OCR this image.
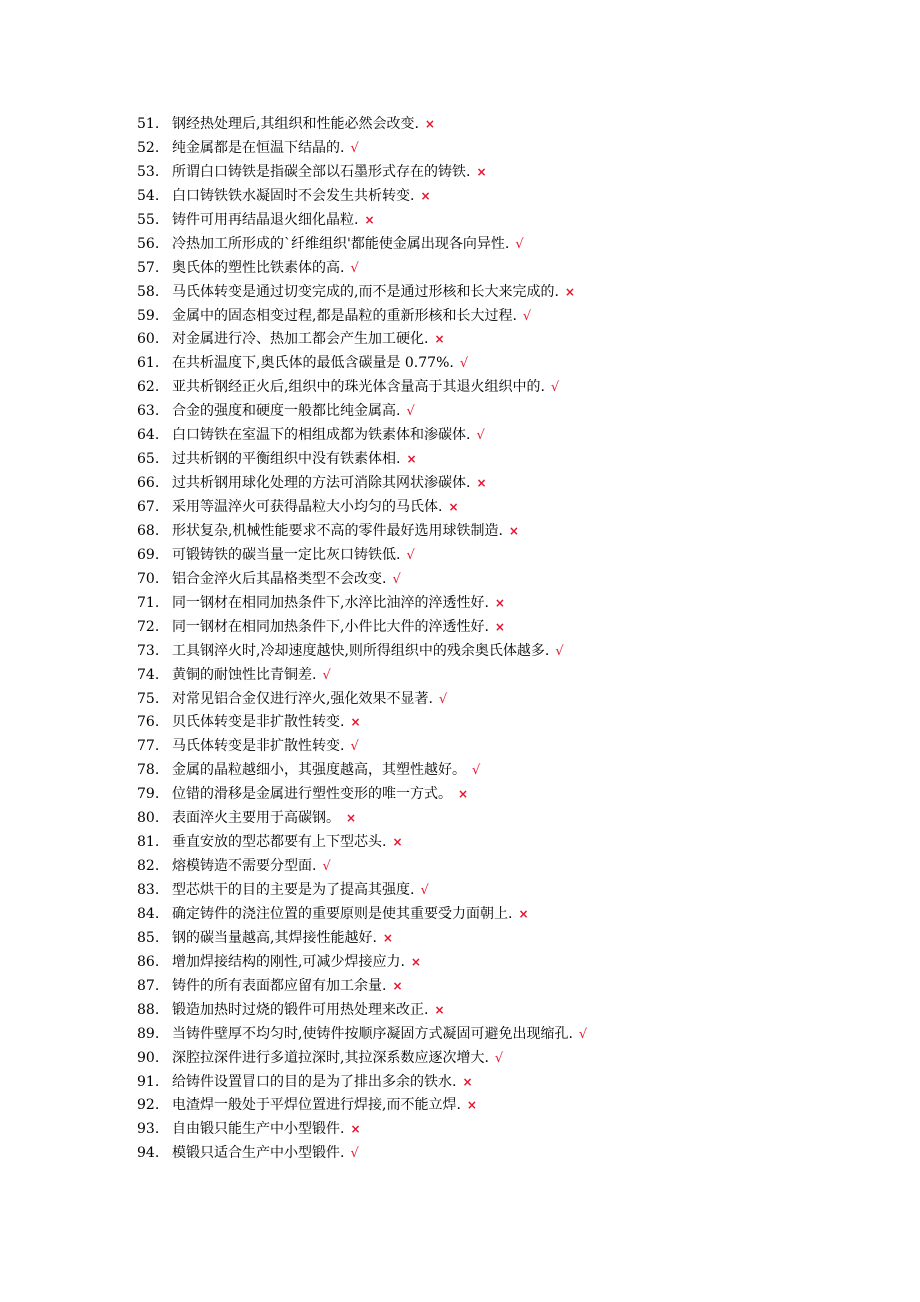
51. 钢经热处理后,其组织和性能必然会改变. ×
52. 纯金属都是在恒温下结晶的. √
53. 所谓白口铸铁是指碳全部以石墨形式存在的铸铁. ×
54. 白口铸铁铁水凝固时不会发生共析转变. ×
55. 铸件可用再结晶退火细化晶粒. ×
56. 冷热加工所形成的`纤维组织'都能使金属出现各向异性. √
57. 奥氏体的塑性比铁素体的高. √
58. 马氏体转变是通过切变完成的,而不是通过形核和长大来完成的. ×
59. 金属中的固态相变过程,都是晶粒的重新形核和长大过程. √
60. 对金属进行冷、热加工都会产生加工硬化. ×
61. 在共析温度下,奥氏体的最低含碳量是 0.77%. √
62. 亚共析钢经正火后,组织中的珠光体含量高于其退火组织中的. √
63. 合金的强度和硬度一般都比纯金属高. √
64. 白口铸铁在室温下的相组成都为铁素体和渗碳体. √
65. 过共析钢的平衡组织中没有铁素体相. ×
66. 过共析钢用球化处理的方法可消除其网状渗碳体. ×
67. 采用等温淬火可获得晶粒大小均匀的马氏体. ×
68. 形状复杂,机械性能要求不高的零件最好选用球铁制造. ×
69. 可锻铸铁的碳当量一定比灰口铸铁低. √
70. 铝合金淬火后其晶格类型不会改变. √
71. 同一钢材在相同加热条件下,水淬比油淬的淬透性好. ×
72. 同一钢材在相同加热条件下,小件比大件的淬透性好. ×
73. 工具钢淬火时,冷却速度越快,则所得组织中的残余奥氏体越多. √
74. 黄铜的耐蚀性比青铜差. √
75. 对常见铝合金仅进行淬火,强化效果不显著. √
76. 贝氏体转变是非扩散性转变. ×
77. 马氏体转变是非扩散性转变. √
78. 金属的晶粒越细小，其强度越高，其塑性越好。 √
79. 位错的滑移是金属进行塑性变形的唯一方式。 ×
80. 表面淬火主要用于高碳钢。 ×
81. 垂直安放的型芯都要有上下型芯头. ×
82. 熔模铸造不需要分型面. √
83. 型芯烘干的目的主要是为了提高其强度. √
84. 确定铸件的浇注位置的重要原则是使其重要受力面朝上. ×
85. 钢的碳当量越高,其焊接性能越好. ×
86. 增加焊接结构的刚性,可减少焊接应力. ×
87. 铸件的所有表面都应留有加工余量. ×
88. 锻造加热时过烧的锻件可用热处理来改正. ×
89. 当铸件壁厚不均匀时,使铸件按顺序凝固方式凝固可避免出现缩孔. √
90. 深腔拉深件进行多道拉深时,其拉深系数应逐次增大. √
91. 给铸件设置冒口的目的是为了排出多余的铁水. ×
92. 电渣焊一般处于平焊位置进行焊接,而不能立焊. ×
93. 自由锻只能生产中小型锻件. ×
94. 模锻只适合生产中小型锻件. √
